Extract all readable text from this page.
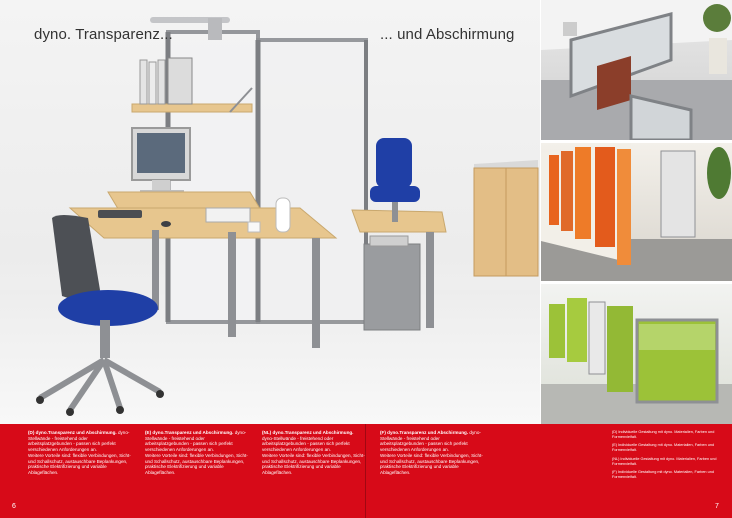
dyno. Transparenz...	... und Abschirmung
(D) dyno.Transparenz und Abschirmung. dyno-Stellwände - freistehend oder arbeitsplatzgebunden - passen sich perfekt verschiedenen Anforderungen an.
Weitere Vorteile sind: flexible Verbindungen, Sicht- und Schallschutz, austauschbare Beplankungen, praktische Elektrifizierung und variable Ablageflächen.
(E) dyno.Transparenz und Abschirmung. dyno-Stellwände - freistehend oder arbeitsplatzgebunden - passen sich perfekt verschiedenen Anforderungen an.
Weitere Vorteile sind: flexible Verbindungen, Sicht- und Schallschutz, austauschbare Beplankungen, praktische Elektrifizierung und variable Ablageflächen.
(NL) dyno.Transparenz und Abschirmung. dyno-Stellwände - freistehend oder arbeitsplatzgebunden - passen sich perfekt verschiedenen Anforderungen an.
Weitere Vorteile sind: flexible Verbindungen, Sicht- und Schallschutz, austauschbare Beplankungen, praktische Elektrifizierung und variable Ablageflächen.
(F) dyno.Transparenz und Abschirmung. dyno-Stellwände - freistehend oder arbeitsplatzgebunden - passen sich perfekt verschiedenen Anforderungen an.
Weitere Vorteile sind: flexible Verbindungen, Sicht- und Schallschutz, austauschbare Beplankungen, praktische Elektrifizierung und variable Ablageflächen.
(D) Individuelle Gestaltung mit dyno. Materialien, Farben und Formenvielfalt.
(E) Individuelle Gestaltung mit dyno. Materialien, Farben und Formenvielfalt.
(NL) Individuelle Gestaltung mit dyno. Materialien, Farben und Formenvielfalt.
(F) Individuelle Gestaltung mit dyno. Materialien, Farben und Formenvielfalt.
6	7
